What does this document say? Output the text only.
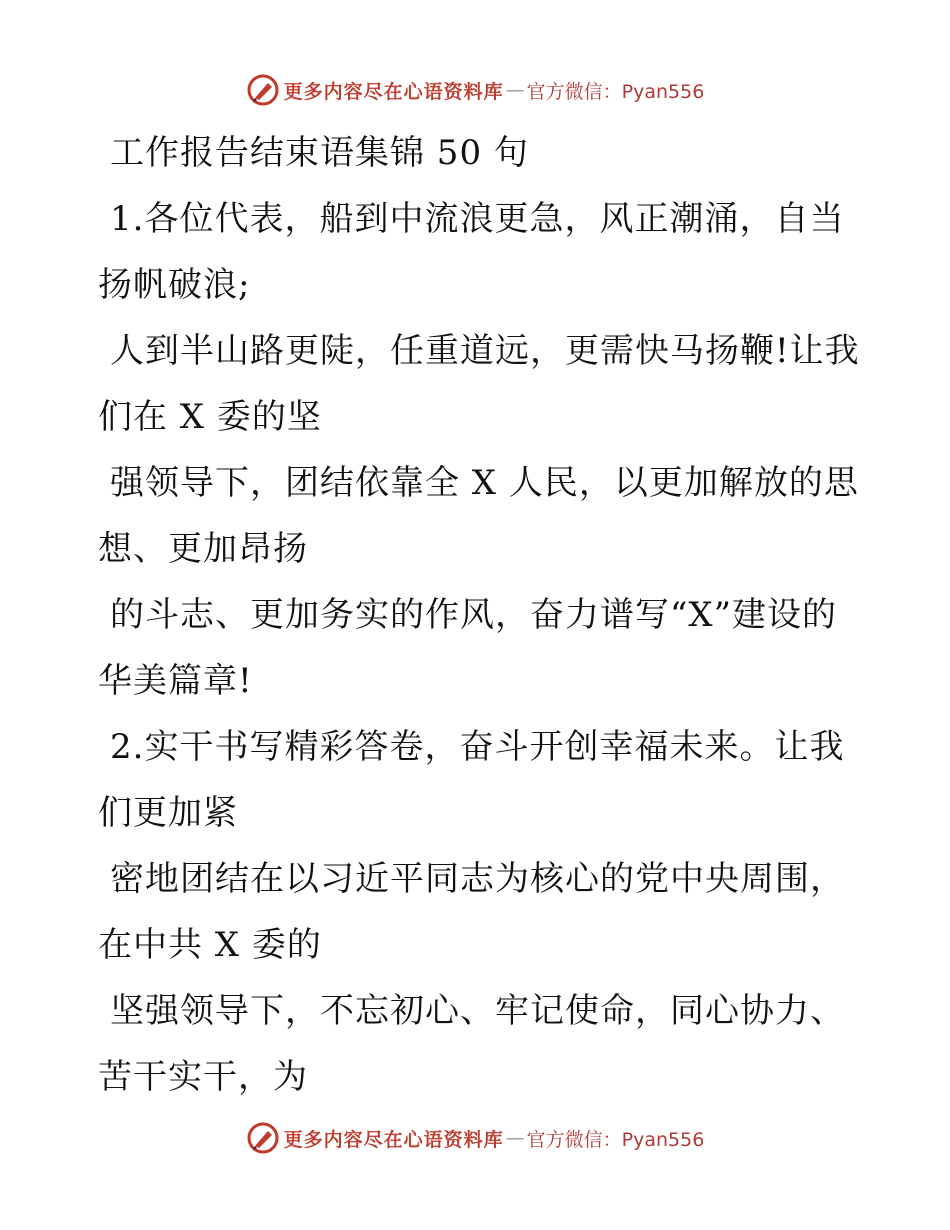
更多内容尽在心语资料库 — 官方微信：Pyan556
工作报告结束语集锦 50 句
1.各位代表，船到中流浪更急，风正潮涌，自当
扬帆破浪;
人到半山路更陡，任重道远，更需快马扬鞭!让我
们在 X 委的坚
强领导下，团结依靠全 X 人民，以更加解放的思
想、更加昂扬
的斗志、更加务实的作风，奋力谱写“X”建设的
华美篇章!
2.实干书写精彩答卷，奋斗开创幸福未来。让我
们更加紧
密地团结在以习近平同志为核心的党中央周围，
在中共 X 委的
坚强领导下，不忘初心、牢记使命，同心协力、
苦干实干，为
更多内容尽在心语资料库 — 官方微信：Pyan556
